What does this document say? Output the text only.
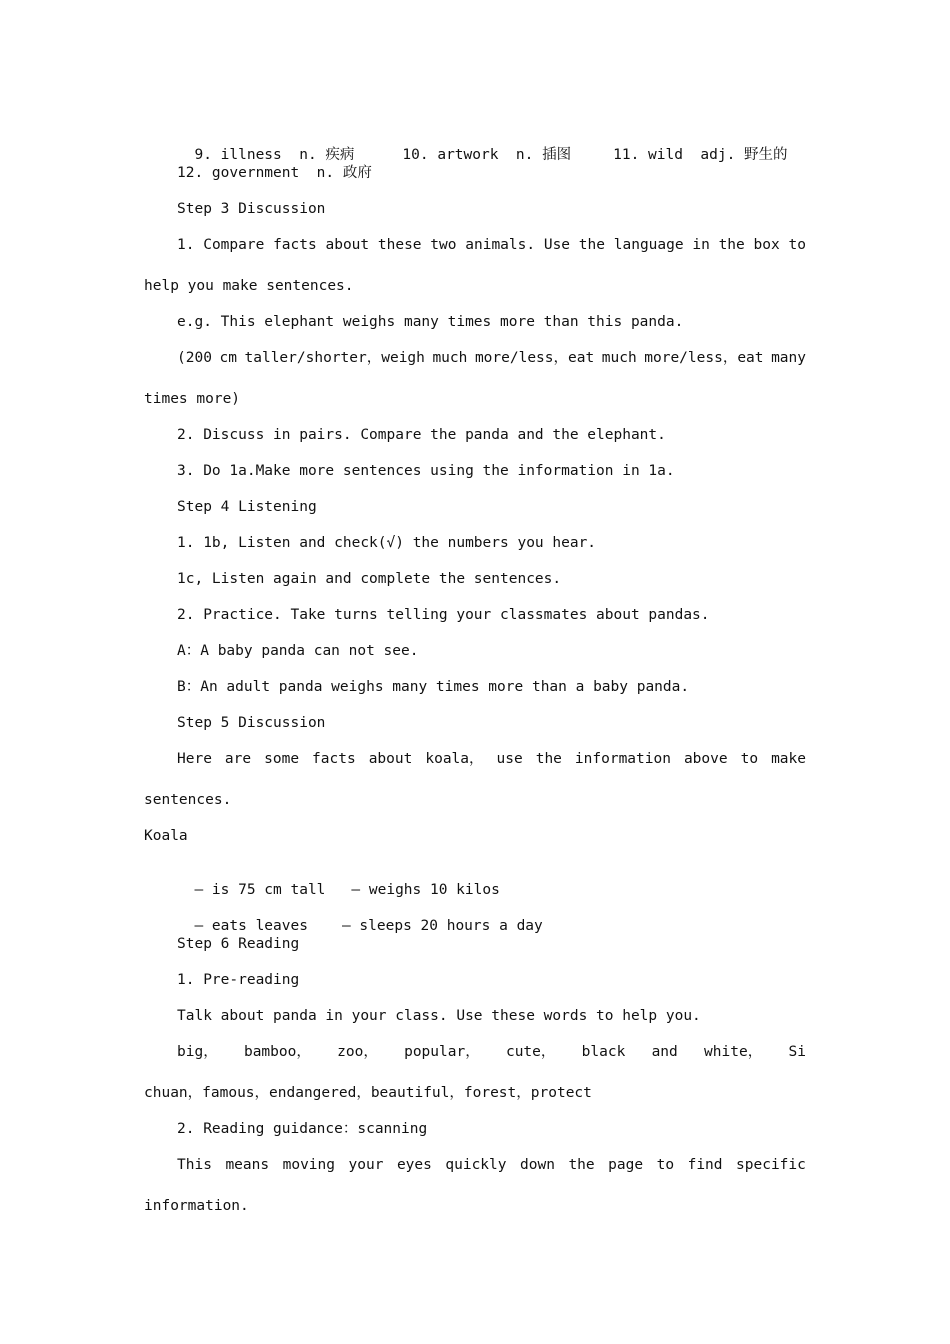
9. illness  n. 疾病	10. artwork  n. 插图	11. wild  adj. 野生的

12. government  n. 政府
Step 3 Discussion
1. Compare facts about these two animals. Use the language in the box to
help you make sentences.
e.g. This elephant weighs many times more than this panda.
(200 cm taller/shorter，weigh much more/less，eat much more/less，eat many
times more)
2. Discuss in pairs. Compare the panda and the elephant.
3. Do 1a.Make more sentences using the information in 1a.
Step 4 Listening
1. 1b, Listen and check(√) the numbers you hear.
1c, Listen again and complete the sentences.
2. Practice. Take turns telling your classmates about pandas.
A：A baby panda can not see.
B：An adult panda weighs many times more than a baby panda.
Step 5 Discussion
Here are some facts about koala， use the information above to make
sentences.
Koala

— is 75 cm tall — weighs 10 kilos

— eats leaves — sleeps 20 hours a day

Step 6 Reading
1. Pre-reading
Talk about panda in your class. Use these words to help you.
big， bamboo， zoo， popular， cute， black and white， Si
chuan，famous，endangered，beautiful，forest，protect
2. Reading guidance：scanning
This means moving your eyes quickly down the page to find specific
information.
